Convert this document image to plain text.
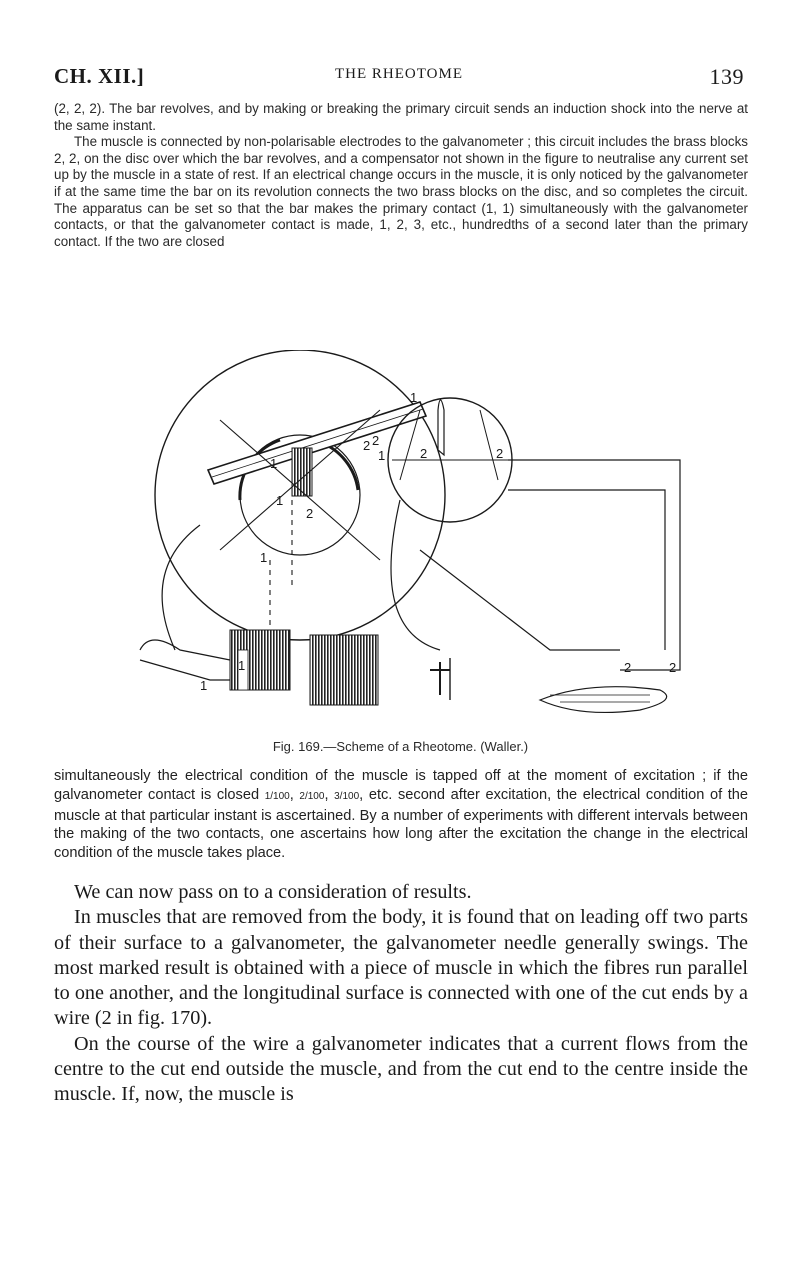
CH. XII.]	THE RHEOTOME	139

(2, 2, 2). The bar revolves, and by making or breaking the primary circuit sends an induction shock into the nerve at the same instant.

The muscle is connected by non-polarisable electrodes to the galvanometer ; this circuit includes the brass blocks 2, 2, on the disc over which the bar revolves, and a compensator not shown in the figure to neutralise any current set up by the muscle in a state of rest. If an electrical change occurs in the muscle, it is only noticed by the galvanometer if at the same time the bar on its revolution connects the two brass blocks on the disc, and so completes the circuit. The apparatus can be set so that the bar makes the primary contact (1, 1) simultaneously with the galvanometer contacts, or that the galvanometer contact is made, 1, 2, 3, etc., hundredths of a second later than the primary contact. If the two are closed

1
1
2 2
2
1
1
1
1
2	2
2	2
1
Fig. 169.—Scheme of a Rheotome. (Waller.)

simultaneously the electrical condition of the muscle is tapped off at the moment of excitation ; if the galvanometer contact is closed 1/100, 2/100, 3/100, etc. second after excitation, the electrical condition of the muscle at that particular instant is ascertained. By a number of experiments with different intervals between the making of the two contacts, one ascertains how long after the excitation the change in the electrical condition of the muscle takes place.

We can now pass on to a consideration of results.

In muscles that are removed from the body, it is found that on leading off two parts of their surface to a galvanometer, the galvanometer needle generally swings. The most marked result is obtained with a piece of muscle in which the fibres run parallel to one another, and the longitudinal surface is connected with one of the cut ends by a wire (2 in fig. 170).

On the course of the wire a galvanometer indicates that a current flows from the centre to the cut end outside the muscle, and from the cut end to the centre inside the muscle. If, now, the muscle is
